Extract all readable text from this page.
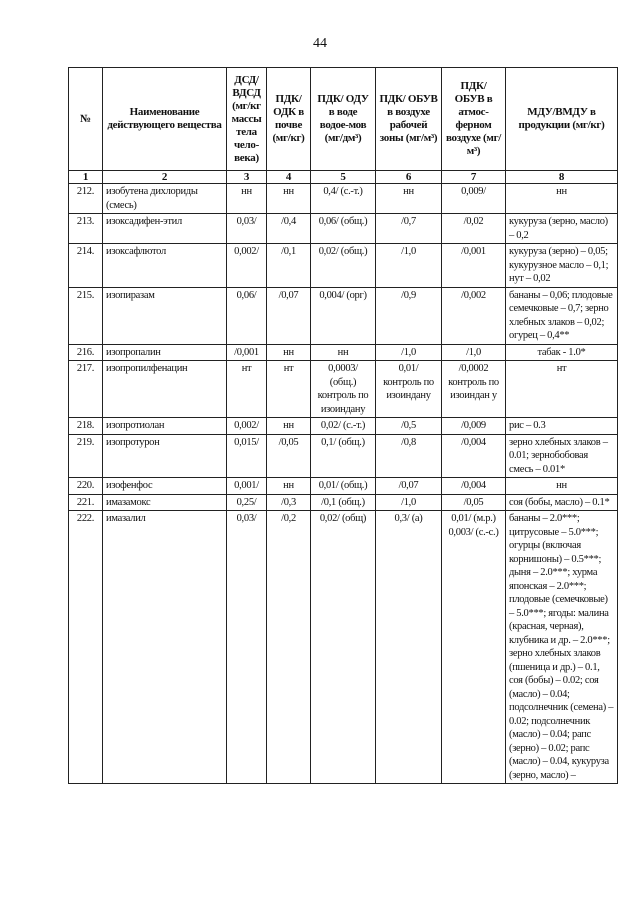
44
№	Наименование действующего вещества	ДСД/ ВДСД (мг/кг массы тела чело-века)	ПДК/ ОДК в почве (мг/кг)	ПДК/ ОДУ в воде водое-мов (мг/дм³)	ПДК/ ОБУВ в воздухе рабочей зоны (мг/м³)	ПДК/ ОБУВ в атмос-ферном воздухе (мг/м³)	МДУ/ВМДУ в продукции (мг/кг)
1	2	3	4	5	6	7	8
212.	изобутена дихлориды (смесь)	нн	нн	0,4/ (с.-т.)	нн	0,009/	нн
213.	изоксадифен-этил	0,03/	/0,4	0,06/ (общ.)	/0,7	/0,02	кукуруза (зерно, масло) – 0,2
214.	изоксафлютол	0,002/	/0,1	0,02/ (общ.)	/1,0	/0,001	кукуруза (зерно) – 0,05; кукурузное масло – 0,1; нут – 0,02
215.	изопиразам	0,06/	/0,07	0,004/ (орг)	/0,9	/0,002	бананы – 0,06; плодовые семечковые – 0,7; зерно хлебных злаков – 0,02; огурец – 0,4**
216.	изопропалин	/0,001	нн	нн	/1,0	/1,0	табак - 1.0*
217.	изопропилфенацин	нт	нт	0,0003/ (общ.) контроль по изоиндану	0,01/ контроль по изоиндану	/0,0002 контроль по изоиндан у	нт
218.	изопротиолан	0,002/	нн	0,02/ (с.-т.)	/0,5	/0,009	рис – 0.3
219.	изопротурон	0,015/	/0,05	0,1/ (общ.)	/0,8	/0,004	зерно хлебных злаков – 0.01; зернобобовая смесь – 0.01*
220.	изофенфос	0,001/	нн	0,01/ (общ.)	/0,07	/0,004	нн
221.	имазамокс	0,25/	/0,3	/0,1 (общ.)	/1,0	/0,05	соя (бобы, масло) – 0.1*
222.	имазалил	0,03/	/0,2	0,02/ (общ)	0,3/ (а)	0,01/ (м.р.) 0,003/ (с.-с.)	бананы – 2.0***; цитрусовые – 5.0***; огурцы (включая корнишоны) – 0.5***; дыня – 2.0***; хурма японская – 2.0***; плодовые (семечковые) – 5.0***; ягоды: малина (красная, черная), клубника и др. – 2.0***; зерно хлебных злаков (пшеница и др.) – 0.1, соя (бобы) – 0.02; соя (масло) – 0.04; подсолнечник (семена) – 0.02; подсолнечник (масло) – 0.04; рапс (зерно) – 0.02; рапс (масло) – 0.04, кукуруза (зерно, масло) –
